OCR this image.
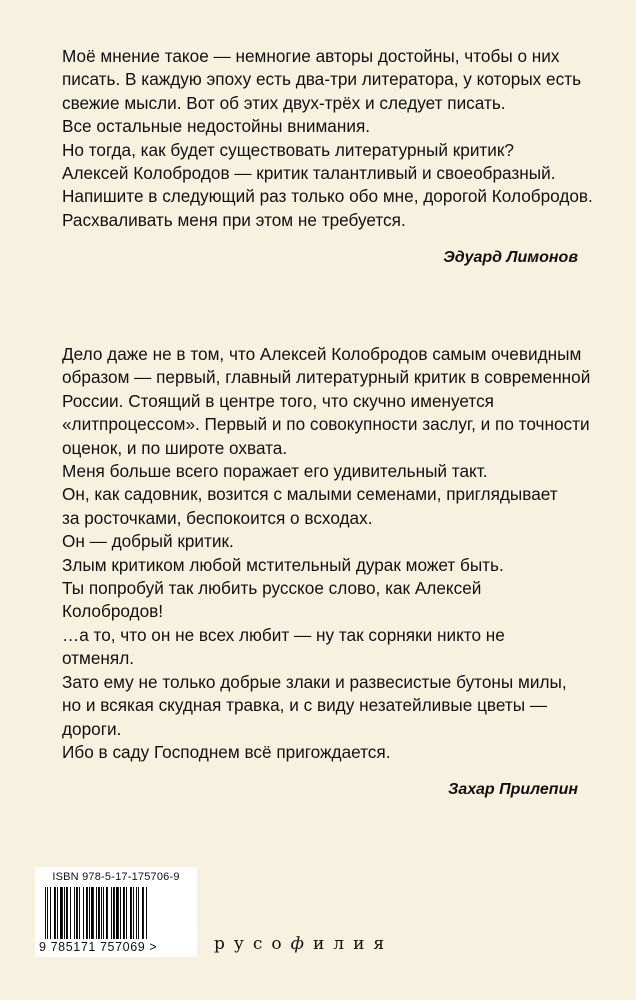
Моё мнение такое — немногие авторы достойны, чтобы о них
писать. В каждую эпоху есть два-три литератора, у которых есть
свежие мысли. Вот об этих двух-трёх и следует писать.
Все остальные недостойны внимания.
Но тогда, как будет существовать литературный критик?
Алексей Колобродов — критик талантливый и своеобразный.
Напишите в следующий раз только обо мне, дорогой Колобродов.
Расхваливать меня при этом не требуется.
Эдуард Лимонов
Дело даже не в том, что Алексей Колобродов самым очевидным
образом — первый, главный литературный критик в современной
России. Стоящий в центре того, что скучно именуется
«литпроцессом». Первый и по совокупности заслуг, и по точности
оценок, и по широте охвата.
Меня больше всего поражает его удивительный такт.
Он, как садовник, возится с малыми семенами, приглядывает
за росточками, беспокоится о всходах.
Он — добрый критик.
Злым критиком любой мстительный дурак может быть.
Ты попробуй так любить русское слово, как Алексей
Колобродов!
…а то, что он не всех любит — ну так сорняки никто не
отменял.
Зато ему не только добрые злаки и развесистые бутоны милы,
но и всякая скудная травка, и с виду незатейливые цветы —
дороги.
Ибо в саду Господнем всё пригождается.
Захар Прилепин
ISBN 978-5-17-175706-9
9 785171 757069 >	русофилия
